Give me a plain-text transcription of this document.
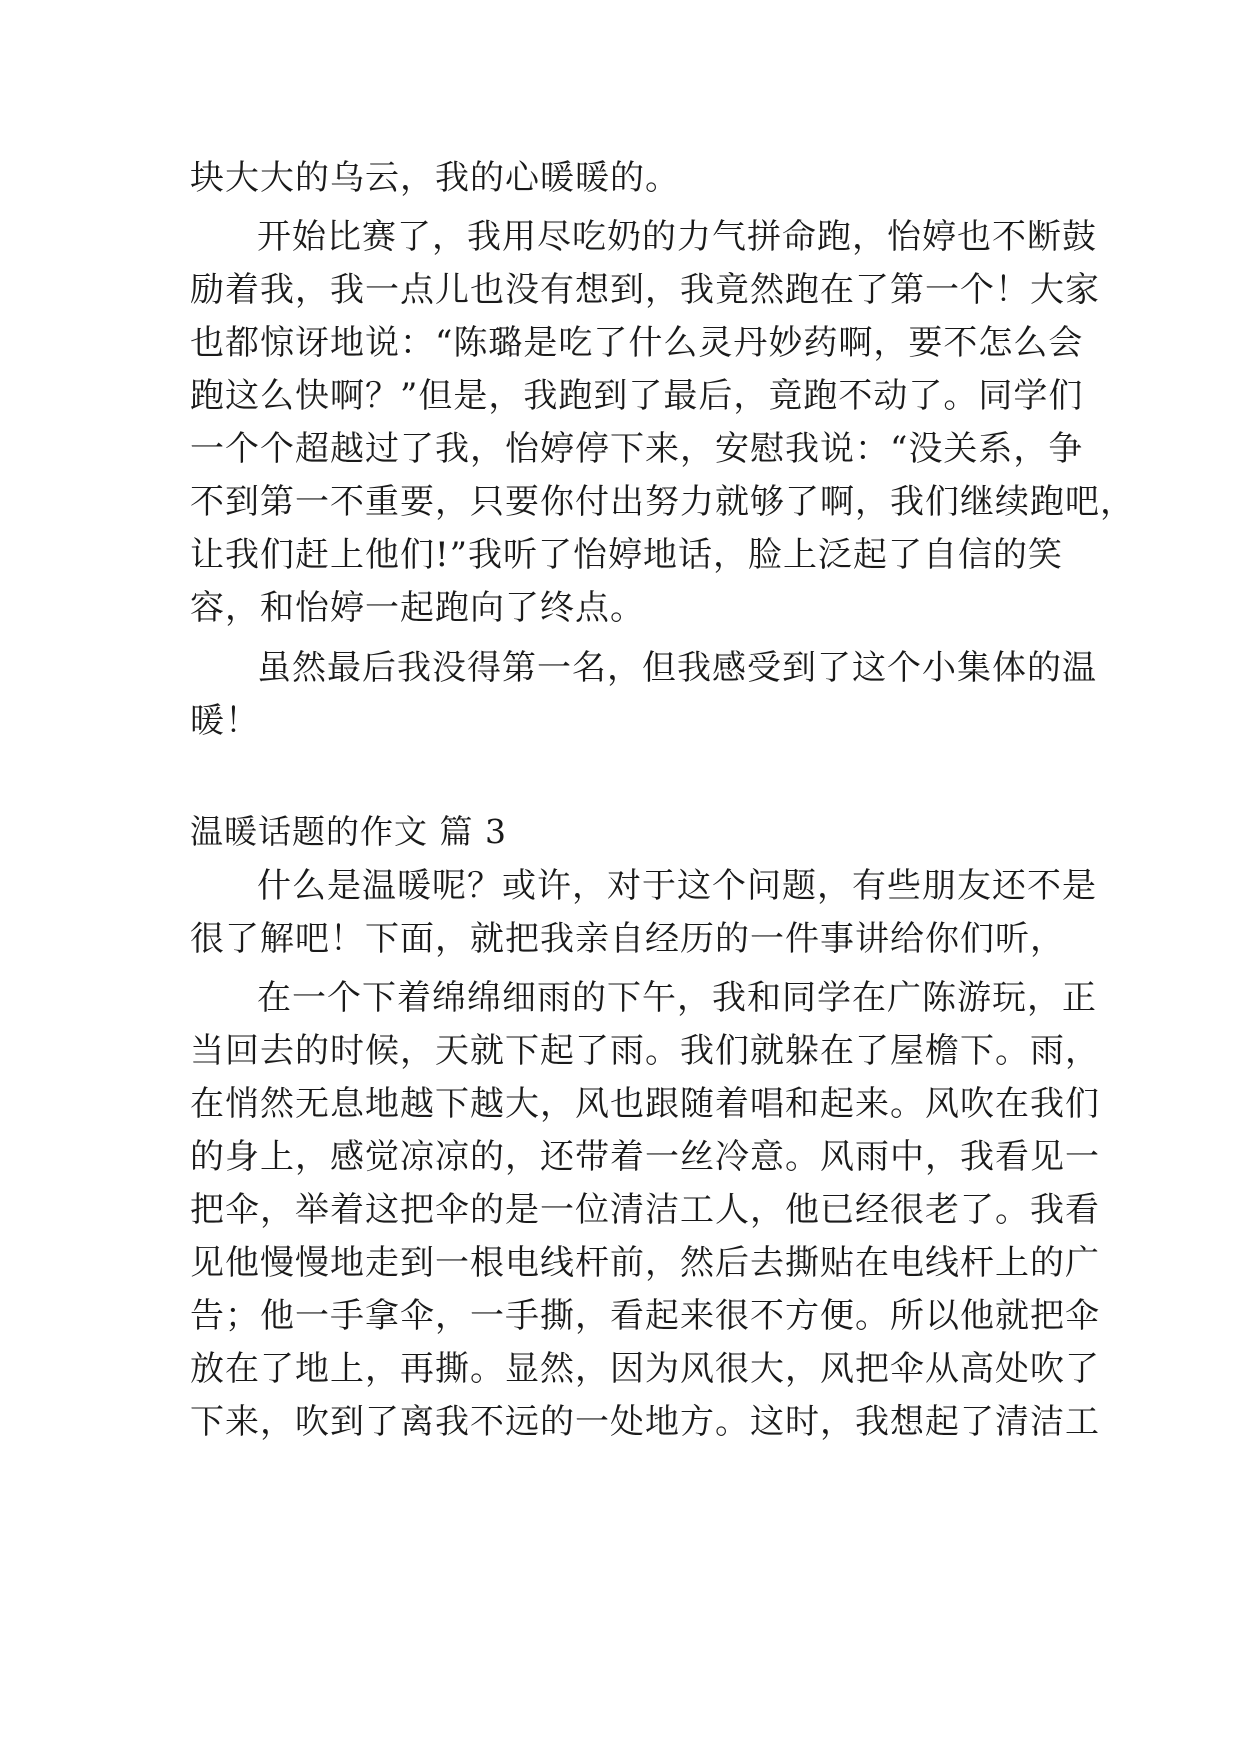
块大大的乌云，我的心暖暖的。
开始比赛了，我用尽吃奶的力气拼命跑，怡婷也不断鼓
励着我，我一点儿也没有想到，我竟然跑在了第一个！大家
也都惊讶地说：“陈璐是吃了什么灵丹妙药啊，要不怎么会
跑这么快啊？”但是，我跑到了最后，竟跑不动了。同学们
一个个超越过了我，怡婷停下来，安慰我说：“没关系，争
不到第一不重要，只要你付出努力就够了啊，我们继续跑吧，
让我们赶上他们!”我听了怡婷地话，脸上泛起了自信的笑
容，和怡婷一起跑向了终点。
虽然最后我没得第一名，但我感受到了这个小集体的温
暖！
温暖话题的作文 篇 3
什么是温暖呢？或许，对于这个问题，有些朋友还不是
很了解吧！下面，就把我亲自经历的一件事讲给你们听，
在一个下着绵绵细雨的下午，我和同学在广陈游玩，正
当回去的时候，天就下起了雨。我们就躲在了屋檐下。雨，
在悄然无息地越下越大，风也跟随着唱和起来。风吹在我们
的身上，感觉凉凉的，还带着一丝冷意。风雨中，我看见一
把伞，举着这把伞的是一位清洁工人，他已经很老了。我看
见他慢慢地走到一根电线杆前，然后去撕贴在电线杆上的广
告；他一手拿伞，一手撕，看起来很不方便。所以他就把伞
放在了地上，再撕。显然，因为风很大，风把伞从高处吹了
下来，吹到了离我不远的一处地方。这时，我想起了清洁工
